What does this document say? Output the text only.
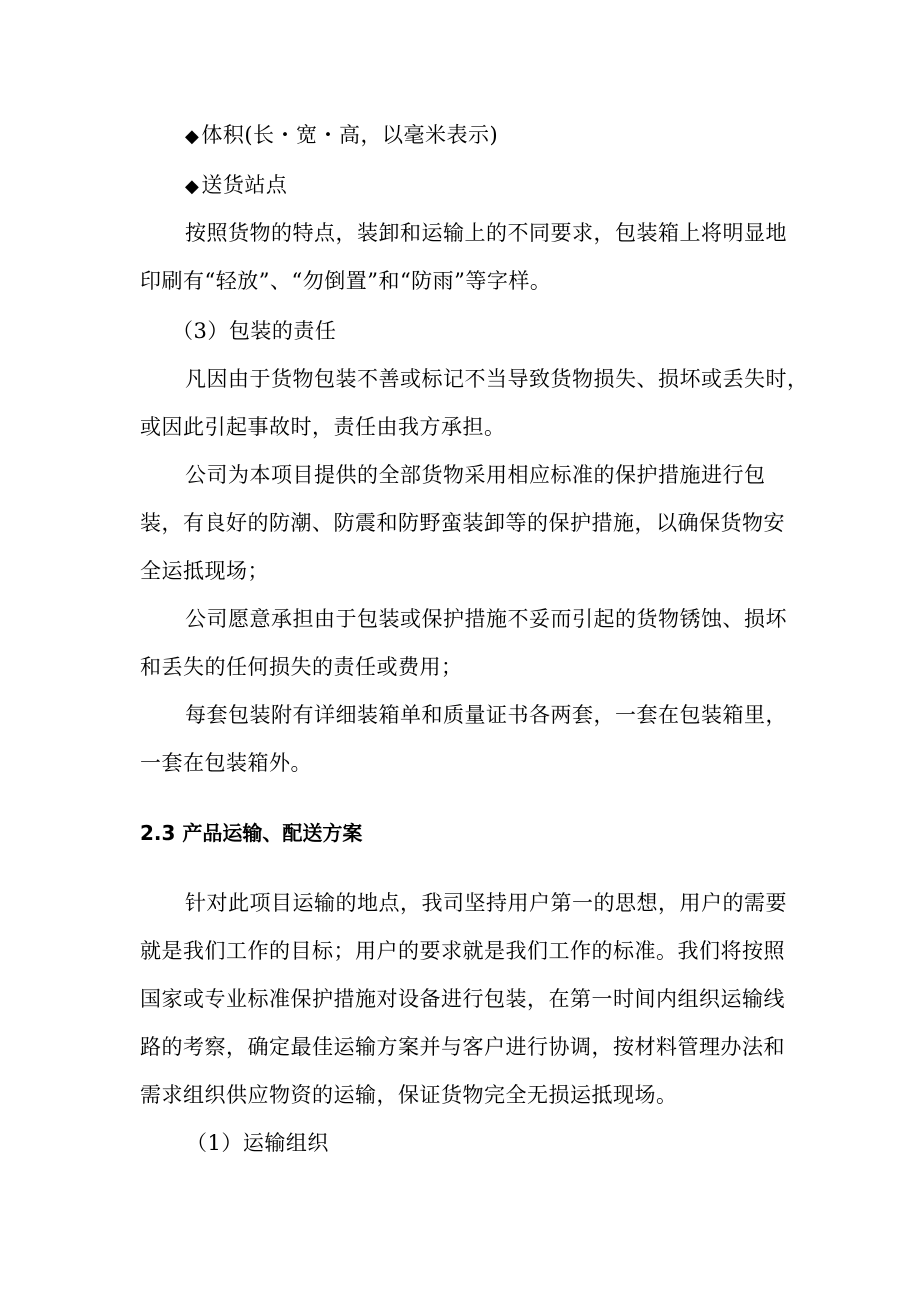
◆体积(长・宽・高，以毫米表示)
◆送货站点
按照货物的特点，装卸和运输上的不同要求，包装箱上将明显地
印刷有“轻放”、“勿倒置”和“防雨”等字样。
（3）包装的责任
凡因由于货物包装不善或标记不当导致货物损失、损坏或丢失时，
或因此引起事故时，责任由我方承担。
公司为本项目提供的全部货物采用相应标准的保护措施进行包
装，有良好的防潮、防震和防野蛮装卸等的保护措施，以确保货物安
全运抵现场；
公司愿意承担由于包装或保护措施不妥而引起的货物锈蚀、损坏
和丢失的任何损失的责任或费用；
每套包装附有详细装箱单和质量证书各两套，一套在包装箱里，
一套在包装箱外。
2.3 产品运输、配送方案
针对此项目运输的地点，我司坚持用户第一的思想，用户的需要
就是我们工作的目标；用户的要求就是我们工作的标准。我们将按照
国家或专业标准保护措施对设备进行包装，在第一时间内组织运输线
路的考察，确定最佳运输方案并与客户进行协调，按材料管理办法和
需求组织供应物资的运输，保证货物完全无损运抵现场。
（1）运输组织
